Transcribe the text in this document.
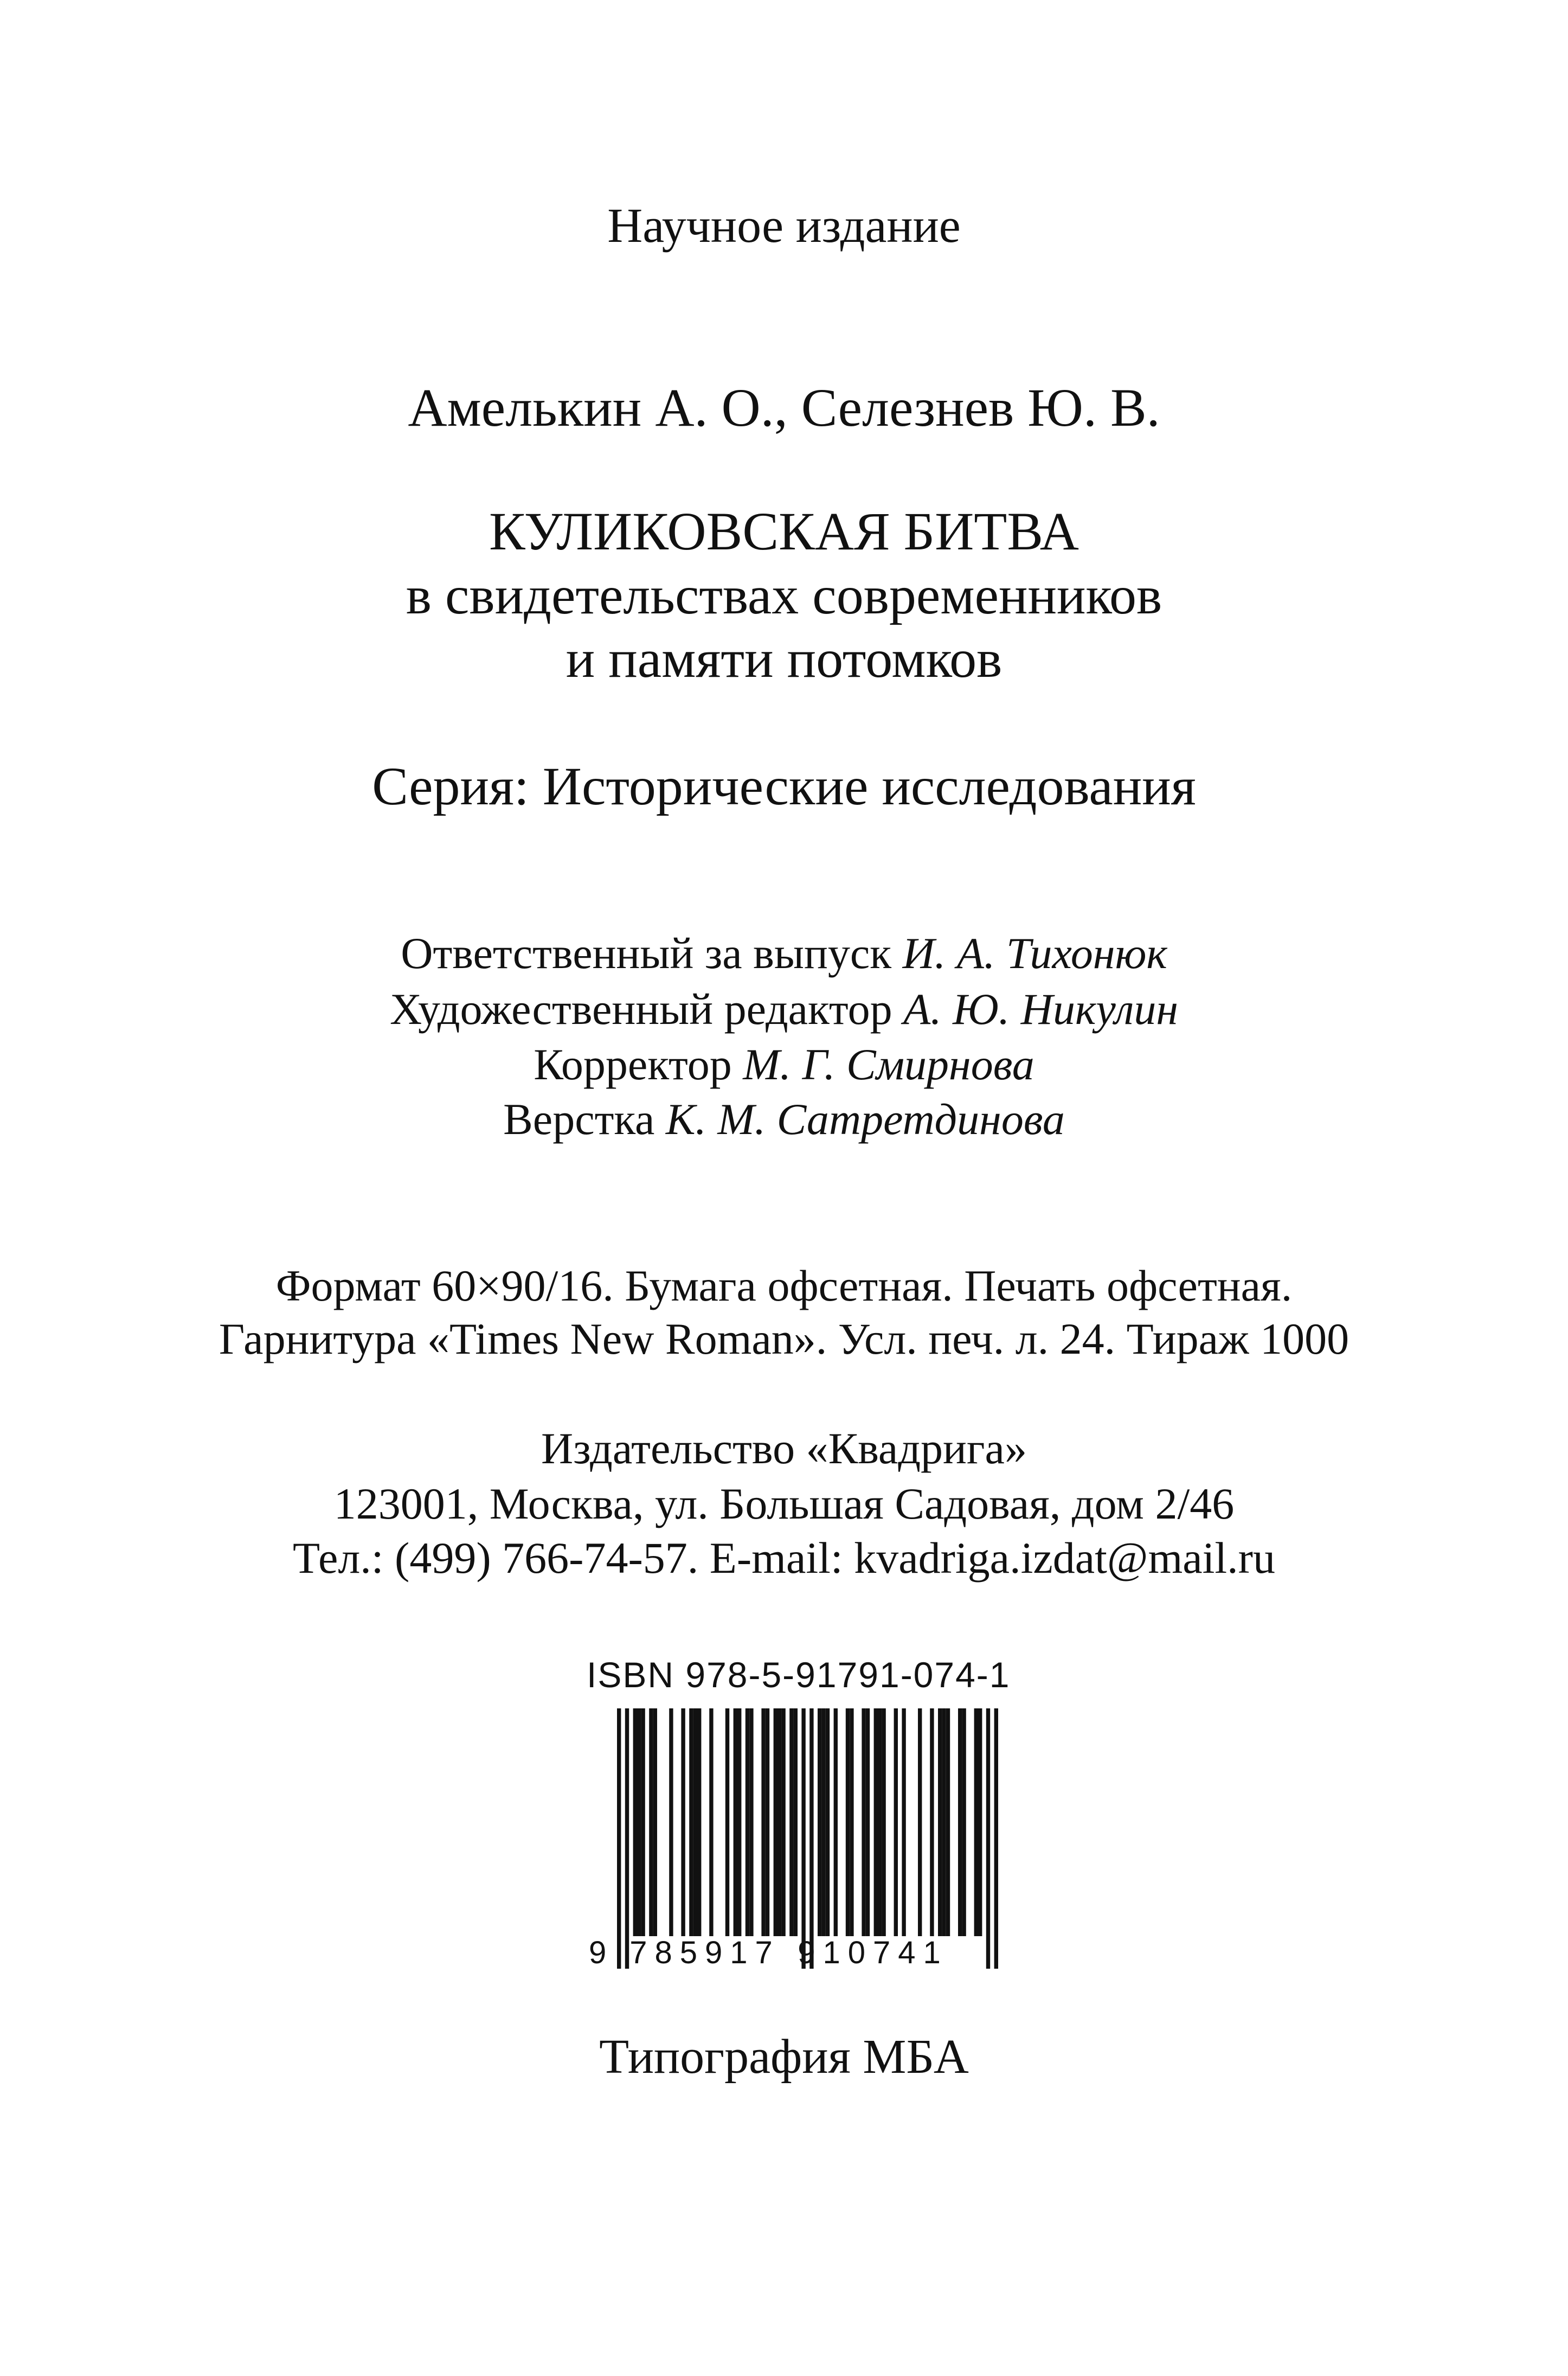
Научное издание
Амелькин А. О., Селезнев Ю. В.
КУЛИКОВСКАЯ БИТВА
в свидетельствах современников
и памяти потомков
Серия: Исторические исследования
Ответственный за выпуск И. А. Тихонюк
Художественный редактор А. Ю. Никулин
Корректор М. Г. Смирнова
Верстка К. М. Сатретдинова
Формат 60×90/16. Бумага офсетная. Печать офсетная.
Гарнитура «Times New Roman». Усл. печ. л. 24. Тираж 1000
Издательство «Квадрига»
123001, Москва, ул. Большая Садовая, дом 2/46
Тел.: (499) 766-74-57. E-mail: kvadriga.izdat@mail.ru
ISBN 978-5-91791-074-1
9 785917 910741
Типография МБА
